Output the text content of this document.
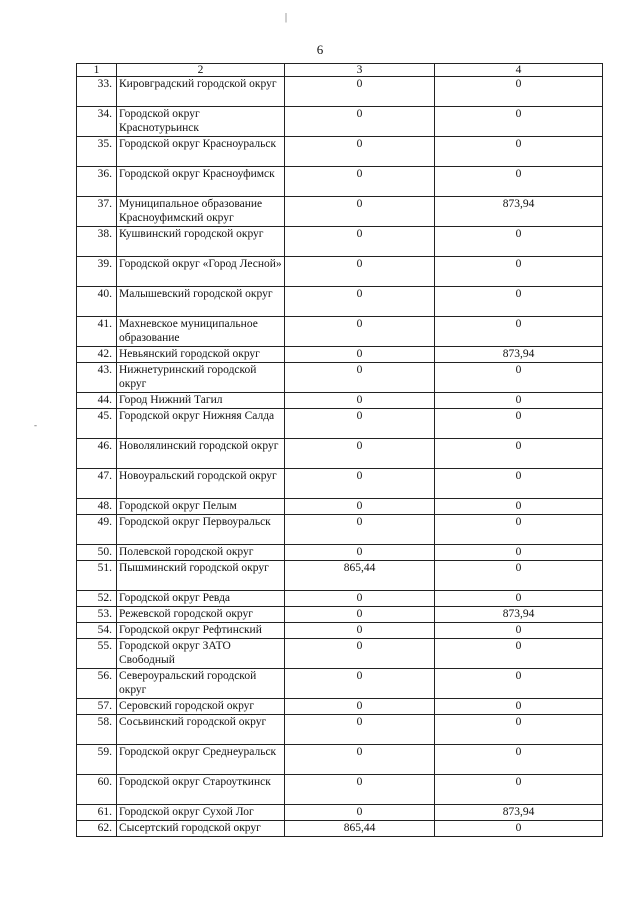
|
-
6
1	2	3	4
33.	Кировградский городской округ	0	0
34.	Городской округ Краснотурьинск	0	0
35.	Городской округ Красноуральск	0	0
36.	Городской округ Красноуфимск	0	0
37.	Муниципальное образование Красноуфимский округ	0	873,94
38.	Кушвинский городской округ	0	0
39.	Городской округ «Город Лесной»	0	0
40.	Малышевский городской округ	0	0
41.	Махневское муниципальное образование	0	0
42.	Невьянский городской округ	0	873,94
43.	Нижнетуринский городской округ	0	0
44.	Город Нижний Тагил	0	0
45.	Городской округ Нижняя Салда	0	0
46.	Новолялинский городской округ	0	0
47.	Новоуральский городской округ	0	0
48.	Городской округ Пелым	0	0
49.	Городской округ Первоуральск	0	0
50.	Полевской городской округ	0	0
51.	Пышминский городской округ	865,44	0
52.	Городской округ Ревда	0	0
53.	Режевской городской округ	0	873,94
54.	Городской округ Рефтинский	0	0
55.	Городской округ ЗАТО Свободный	0	0
56.	Североуральский городской округ	0	0
57.	Серовский городской округ	0	0
58.	Сосьвинский городской округ	0	0
59.	Городской округ Среднеуральск	0	0
60.	Городской округ Староуткинск	0	0
61.	Городской округ Сухой Лог	0	873,94
62.	Сысертский городской округ	865,44	0
